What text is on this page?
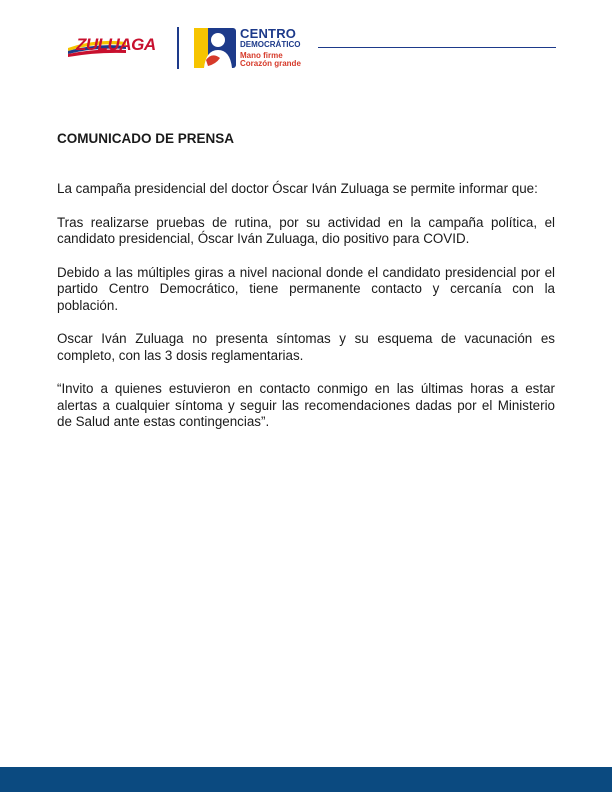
ZULUAGA
CENTRO
DEMOCRÁTICO
Mano firme
Corazón grande
COMUNICADO DE PRENSA

La campaña presidencial del doctor Óscar Iván Zuluaga se permite informar que:

Tras realizarse pruebas de rutina, por su actividad en la campaña política, el candidato presidencial, Óscar Iván Zuluaga, dio positivo para COVID.

Debido a las múltiples giras a nivel nacional donde el candidato presidencial por el partido Centro Democrático, tiene permanente contacto y cercanía con la población.

Oscar Iván Zuluaga no presenta síntomas y su esquema de vacunación es completo, con las 3 dosis reglamentarias.

“Invito a quienes estuvieron en contacto conmigo en las últimas horas a estar alertas a cualquier síntoma y seguir las recomendaciones dadas por el Ministerio de Salud ante estas contingencias”.
